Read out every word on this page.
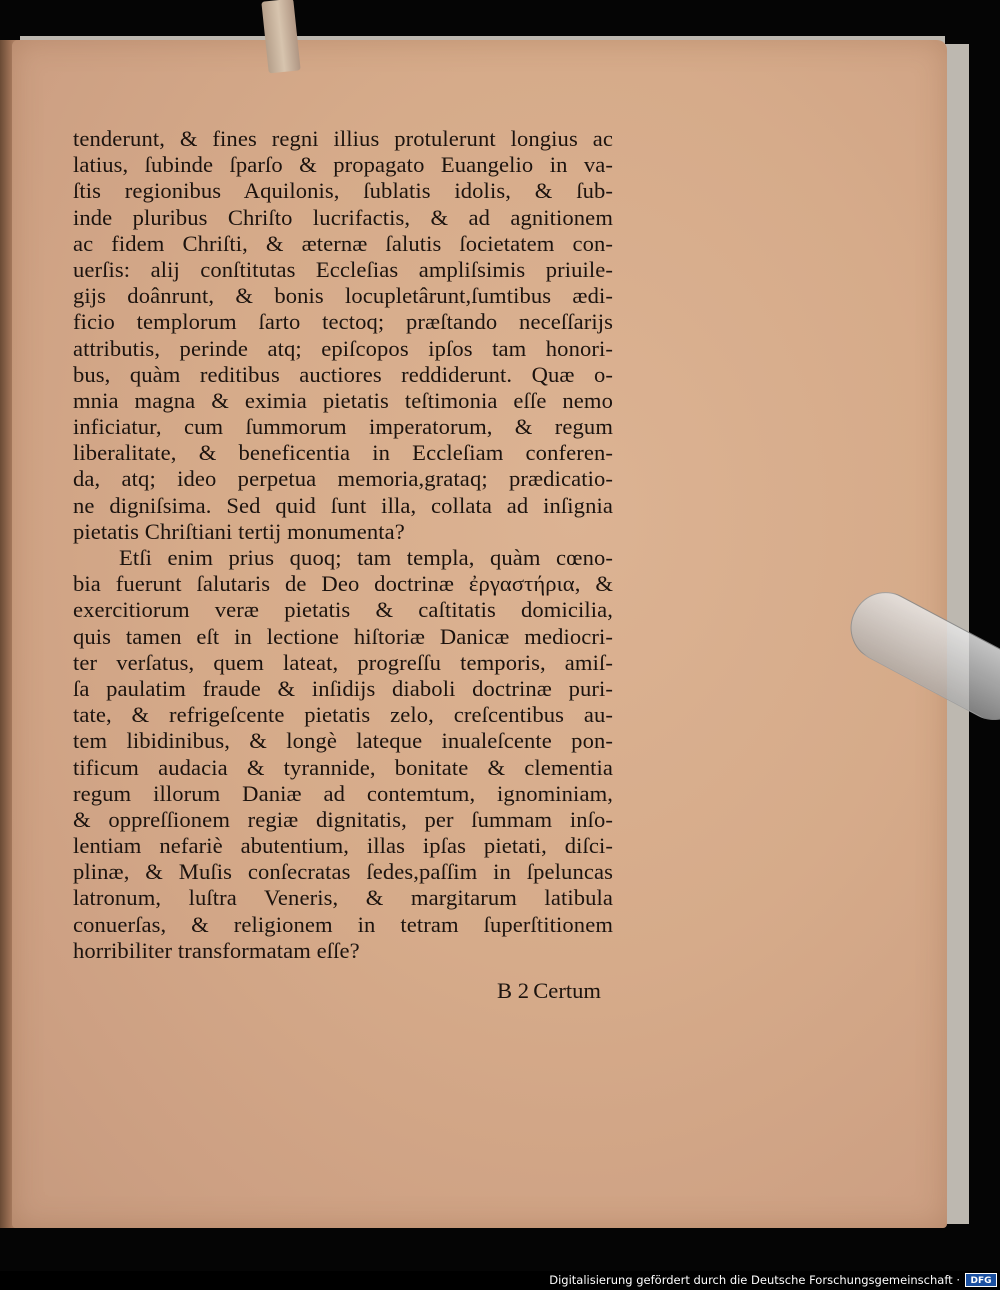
tenderunt, & fines regni illius protulerunt longius ac
latius, ſubinde ſparſo & propagato Euangelio in va-
ſtis regionibus Aquilonis, ſublatis idolis, & ſub-
inde pluribus Chriſto lucrifactis, & ad agnitionem
ac fidem Chriſti, & æternæ ſalutis ſocietatem con-
uerſis: alij conſtitutas Eccleſias ampliſsimis priuile-
gijs doânrunt, & bonis locupletârunt,ſumtibus ædi-
ficio templorum ſarto tectoq; præſtando neceſſarijs
attributis, perinde atq; epiſcopos ipſos tam honori-
bus, quàm reditibus auctiores reddiderunt. Quæ o-
mnia magna & eximia pietatis teſtimonia eſſe nemo
inficiatur, cum ſummorum imperatorum, & regum
liberalitate, & beneficentia in Eccleſiam conferen-
da, atq; ideo perpetua memoria,grataq; prædicatio-
ne digniſsima. Sed quid ſunt illa, collata ad inſignia
pietatis Chriſtiani tertij monumenta?
Etſi enim prius quoq; tam templa, quàm cœno-
bia fuerunt ſalutaris de Deo doctrinæ ἐργαστήρια, &
exercitiorum veræ pietatis & caſtitatis domicilia,
quis tamen eſt in lectione hiſtoriæ Danicæ mediocri-
ter verſatus, quem lateat, progreſſu temporis, amiſ-
ſa paulatim fraude & inſidijs diaboli doctrinæ puri-
tate, & refrigeſcente pietatis zelo, creſcentibus au-
tem libidinibus, & longè lateque inualeſcente pon-
tificum audacia & tyrannide, bonitate & clementia
regum illorum Daniæ ad contemtum, ignominiam,
& oppreſſionem regiæ dignitatis, per ſummam inſo-
lentiam nefariè abutentium, illas ipſas pietati, diſci-
plinæ, & Muſis conſecratas ſedes,paſſim in ſpeluncas
latronum, luſtra Veneris, & margitarum latibula
conuerſas, & religionem in tetram ſuperſtitionem
horribiliter transformatam eſſe?
B 2 Certum
Digitalisierung gefördert durch die Deutsche Forschungsgemeinschaft ·	DFG
